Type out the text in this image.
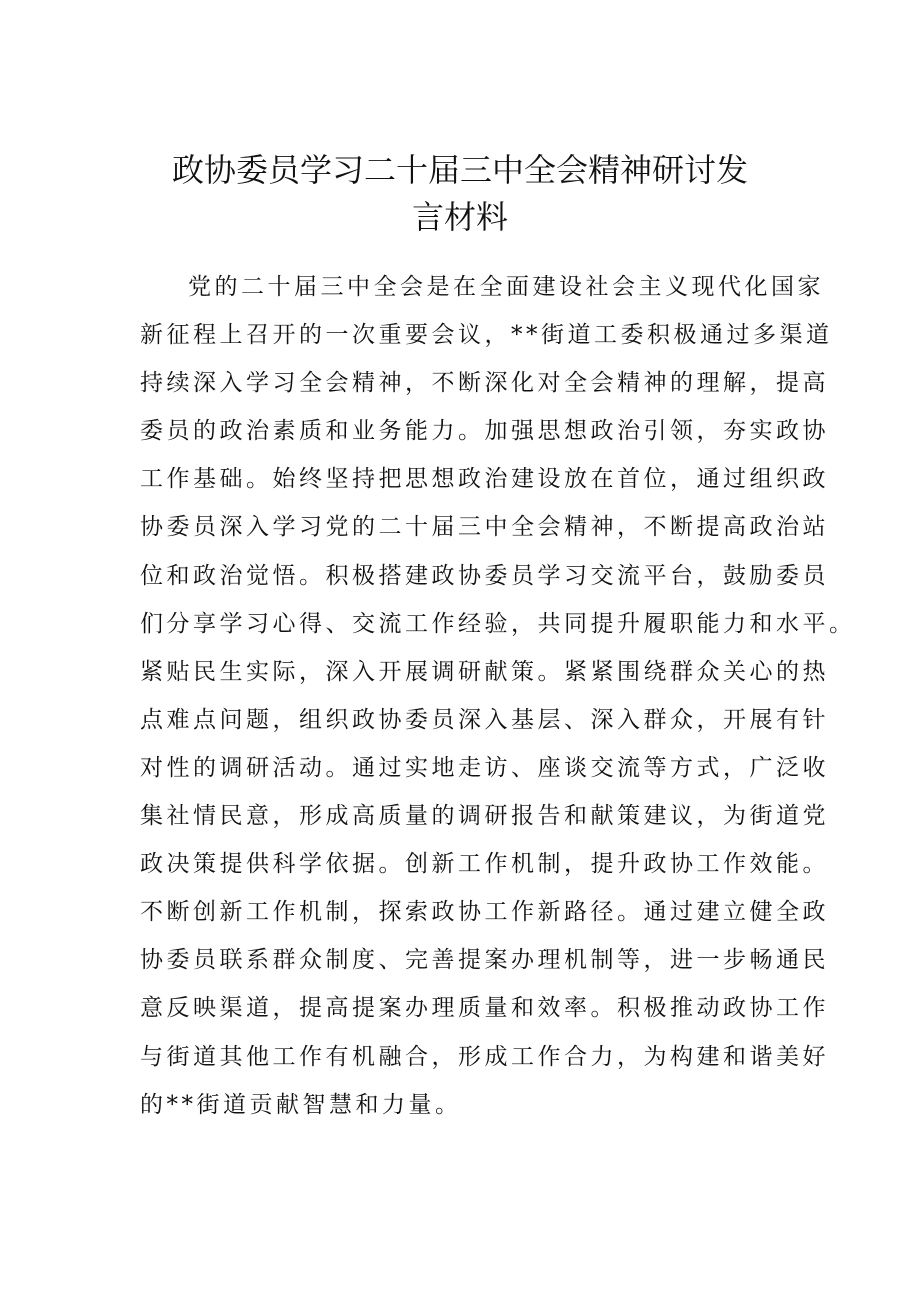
政协委员学习二十届三中全会精神研讨发
言材料
党的二十届三中全会是在全面建设社会主义现代化国家
新征程上召开的一次重要会议，**街道工委积极通过多渠道
持续深入学习全会精神，不断深化对全会精神的理解，提高
委员的政治素质和业务能力。加强思想政治引领，夯实政协
工作基础。始终坚持把思想政治建设放在首位，通过组织政
协委员深入学习党的二十届三中全会精神，不断提高政治站
位和政治觉悟。积极搭建政协委员学习交流平台，鼓励委员
们分享学习心得、交流工作经验，共同提升履职能力和水平。
紧贴民生实际，深入开展调研献策。紧紧围绕群众关心的热
点难点问题，组织政协委员深入基层、深入群众，开展有针
对性的调研活动。通过实地走访、座谈交流等方式，广泛收
集社情民意，形成高质量的调研报告和献策建议，为街道党
政决策提供科学依据。创新工作机制，提升政协工作效能。
不断创新工作机制，探索政协工作新路径。通过建立健全政
协委员联系群众制度、完善提案办理机制等，进一步畅通民
意反映渠道，提高提案办理质量和效率。积极推动政协工作
与街道其他工作有机融合，形成工作合力，为构建和谐美好
的**街道贡献智慧和力量。
